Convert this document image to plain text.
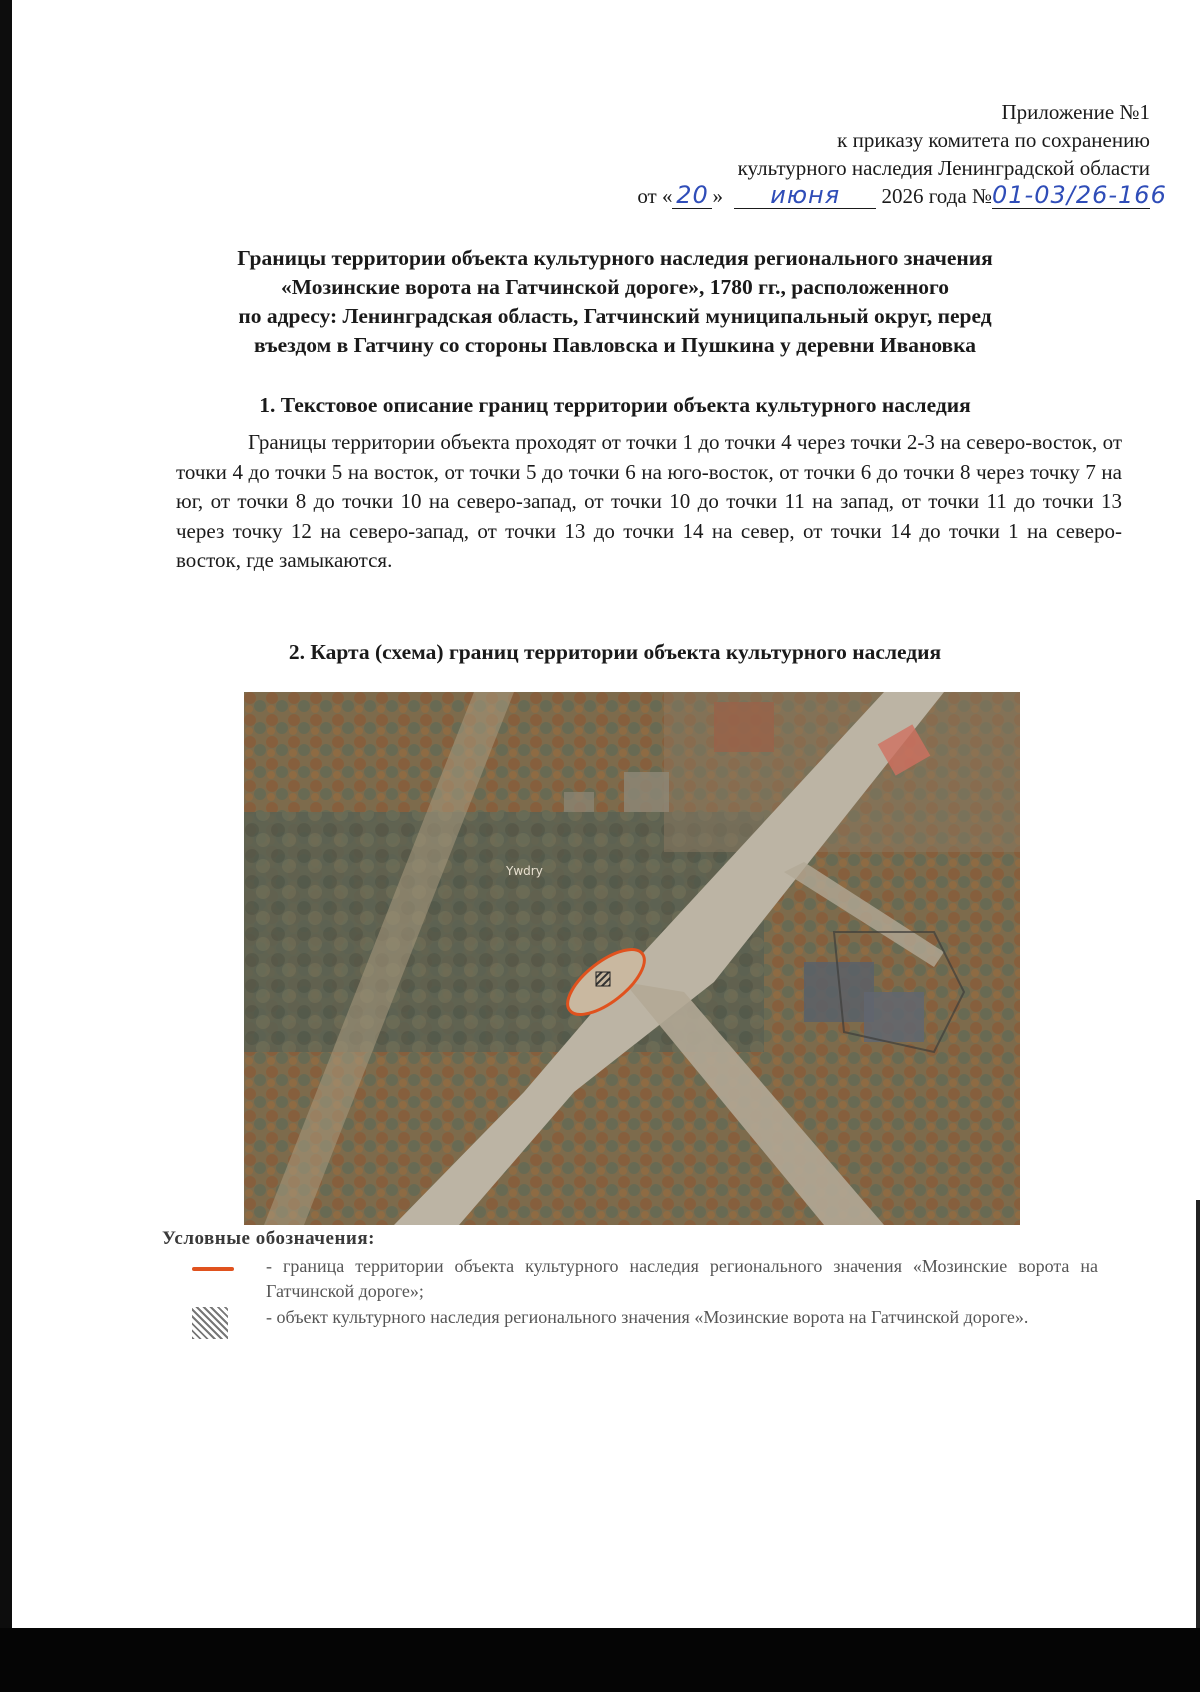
Приложение №1
к приказу комитета по сохранению
культурного наследия Ленинградской области
от « 20 » июня 2026 года №01-03/26-166
Границы территории объекта культурного наследия регионального значения
«Мозинские ворота на Гатчинской дороге», 1780 гг., расположенного
по адресу: Ленинградская область, Гатчинский муниципальный округ, перед
въездом в Гатчину со стороны Павловска и Пушкина у деревни Ивановка
1. Текстовое описание границ территории объекта культурного наследия
Границы территории объекта проходят от точки 1 до точки 4 через точки 2-3 на северо-восток, от точки 4 до точки 5 на восток, от точки 5 до точки 6 на юго-восток, от точки 6 до точки 8 через точку 7 на юг, от точки 8 до точки 10 на северо-запад, от точки 10 до точки 11 на запад, от точки 11 до точки 13 через точку 12 на северо-запад, от точки 13 до точки 14 на север, от точки 14 до точки 1 на северо-восток, где замыкаются.
2. Карта (схема) границ территории объекта культурного наследия
Ywdry
Условные обозначения:
- граница территории объекта культурного наследия регионального значения «Мозинские ворота на Гатчинской дороге»;
- объект культурного наследия регионального значения «Мозинские ворота на Гатчинской дороге».
